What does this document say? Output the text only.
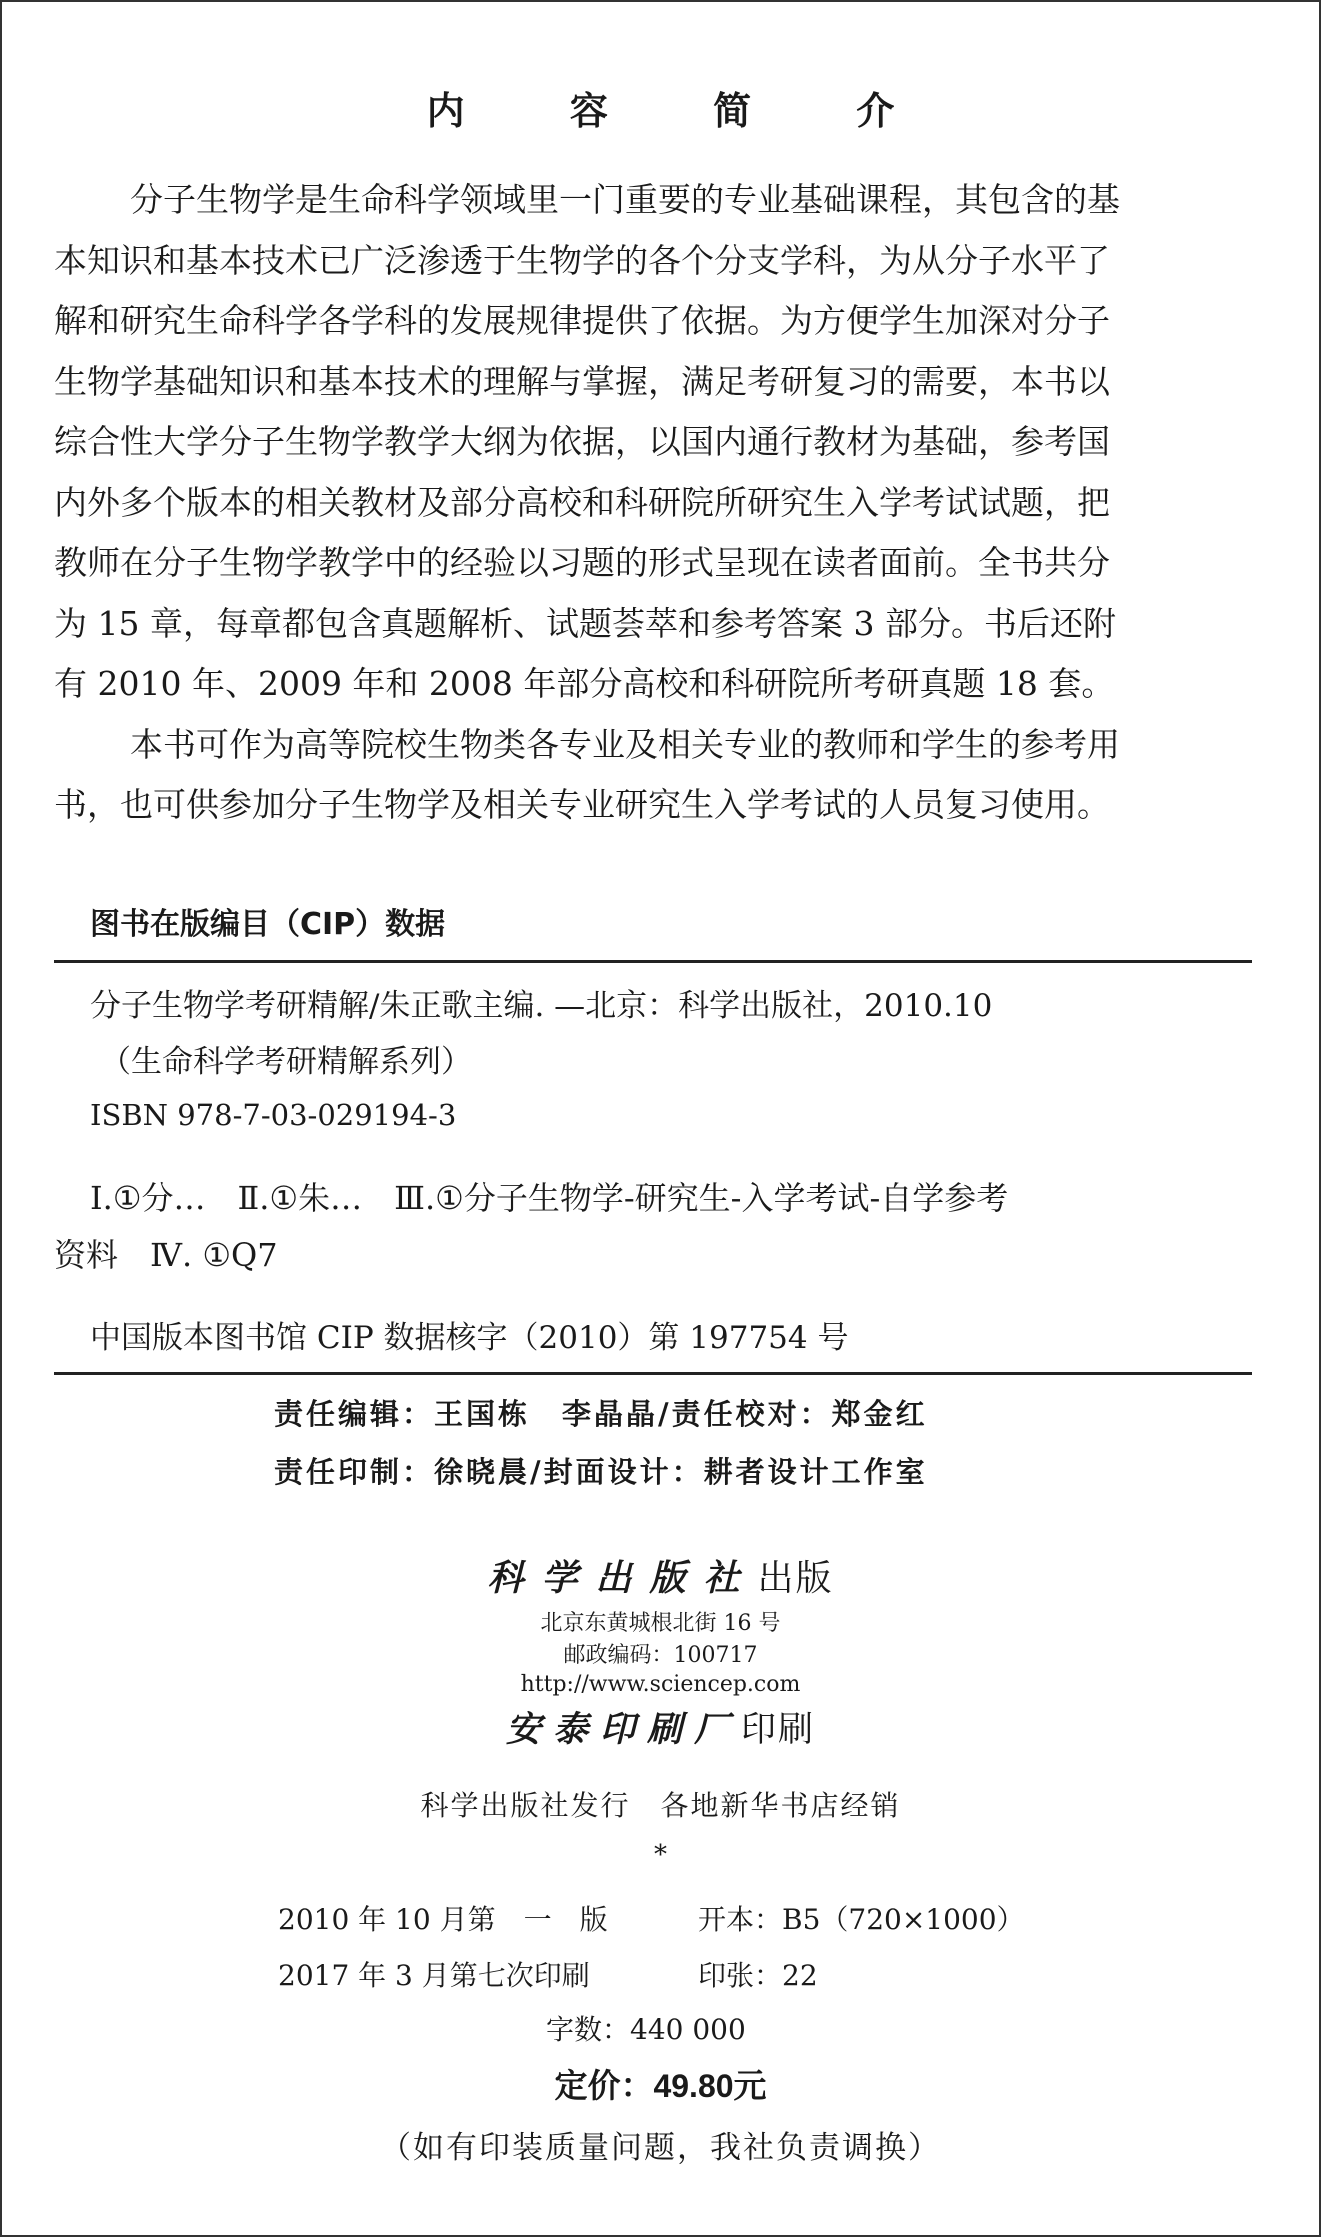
内 容 简 介

分子生物学是生命科学领域里一门重要的专业基础课程，其包含的基
本知识和基本技术已广泛渗透于生物学的各个分支学科，为从分子水平了
解和研究生命科学各学科的发展规律提供了依据。为方便学生加深对分子
生物学基础知识和基本技术的理解与掌握，满足考研复习的需要，本书以
综合性大学分子生物学教学大纲为依据，以国内通行教材为基础，参考国
内外多个版本的相关教材及部分高校和科研院所研究生入学考试试题，把
教师在分子生物学教学中的经验以习题的形式呈现在读者面前。全书共分
为 15 章，每章都包含真题解析、试题荟萃和参考答案 3 部分。书后还附
有 2010 年、2009 年和 2008 年部分高校和科研院所考研真题 18 套。

本书可作为高等院校生物类各专业及相关专业的教师和学生的参考用
书，也可供参加分子生物学及相关专业研究生入学考试的人员复习使用。

图书在版编目（CIP）数据
分子生物学考研精解/朱正歌主编. —北京：科学出版社，2010.10
（生命科学考研精解系列）
ISBN 978-7-03-029194-3
Ⅰ.①分…　Ⅱ.①朱…　Ⅲ.①分子生物学-研究生-入学考试-自学参考
资料　Ⅳ. ①Q7
中国版本图书馆 CIP 数据核字（2010）第 197754 号
责任编辑：王国栋　李晶晶/责任校对：郑金红
责任印制：徐晓晨/封面设计：耕者设计工作室
科学出版社出版
北京东黄城根北街 16 号
邮政编码：100717
http://www.sciencep.com
安泰印刷厂印刷
科学出版社发行　各地新华书店经销
*
2010 年 10 月第　一　版	开本：B5（720×1000）
2017 年 3 月第七次印刷	印张：22
字数：440 000
定价：49.80元
（如有印装质量问题，我社负责调换）
